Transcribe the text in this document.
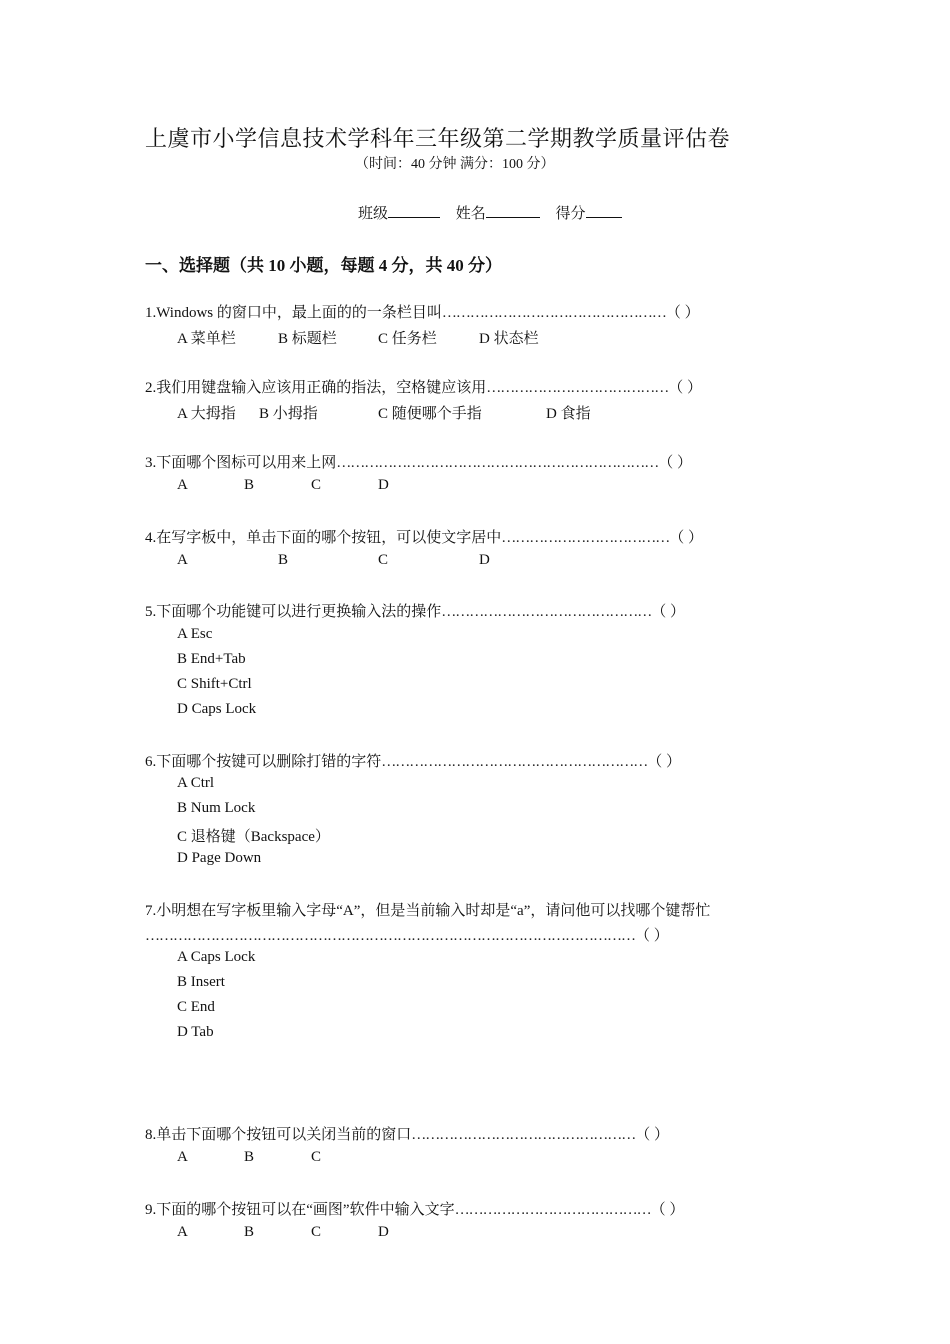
上虞市小学信息技术学科年三年级第二学期教学质量评估卷
（时间：40 分钟 满分：100 分）
班级	姓名	得分
一、选择题（共 10 小题，每题 4 分，共 40 分）
1.Windows 的窗口中，最上面的的一条栏目叫…………………………………………（ ）
A 菜单栏	B 标题栏	C 任务栏	D 状态栏
2.我们用键盘输入应该用正确的指法，空格键应该用…………………………………（ ）
A 大拇指 B 小拇指	C 随便哪个手指	D 食指
3.下面哪个图标可以用来上网……………………………………………………………（ ）
A	B	C	D
4.在写字板中，单击下面的哪个按钮，可以使文字居中………………………………（ ）
A	B	C	D
5.下面哪个功能键可以进行更换输入法的操作………………………………………（ ）
A Esc
B End+Tab
C Shift+Ctrl
D Caps Lock
6.下面哪个按键可以删除打错的字符…………………………………………………（ ）
A Ctrl
B Num Lock
C 退格键（Backspace）
D Page Down
7.小明想在写字板里输入字母“A”，但是当前输入时却是“a”，请问他可以找哪个键帮忙
……………………………………………………………………………………………（ ）
A Caps Lock
B Insert
C End
D Tab
8.单击下面哪个按钮可以关闭当前的窗口…………………………………………（ ）
A	B	C
9.下面的哪个按钮可以在“画图”软件中输入文字……………………………………（ ）
A	B	C	D
